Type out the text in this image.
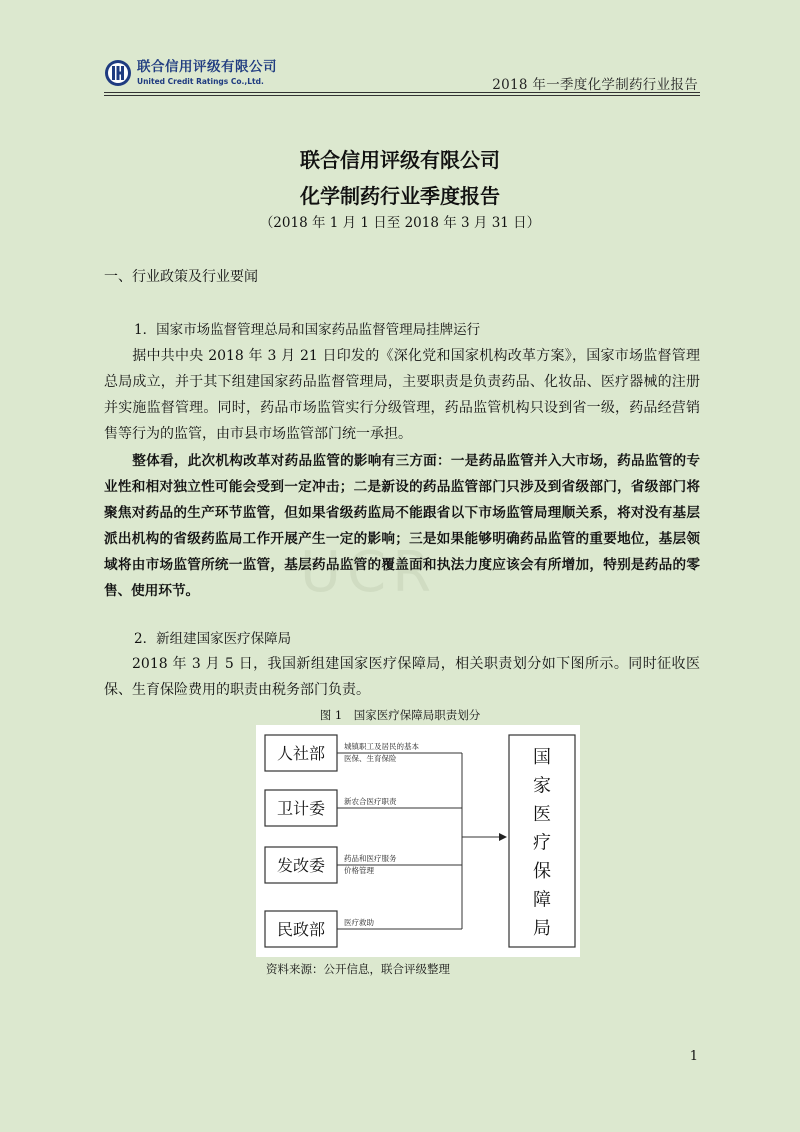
联合信用评级有限公司
United Credit Ratings Co.,Ltd.	2018 年一季度化学制药行业报告
联合信用评级有限公司
化学制药行业季度报告
（2018 年 1 月 1 日至 2018 年 3 月 31 日）
一、行业政策及行业要闻
1．国家市场监督管理总局和国家药品监督管理局挂牌运行

据中共中央 2018 年 3 月 21 日印发的《深化党和国家机构改革方案》，国家市场监督管理总局成立，并于其下组建国家药品监督管理局，主要职责是负责药品、化妆品、医疗器械的注册并实施监督管理。同时，药品市场监管实行分级管理，药品监管机构只设到省一级，药品经营销售等行为的监管，由市县市场监管部门统一承担。

整体看，此次机构改革对药品监管的影响有三方面：一是药品监管并入大市场，药品监管的专业性和相对独立性可能会受到一定冲击；二是新设的药品监管部门只涉及到省级部门，省级部门将聚焦对药品的生产环节监管，但如果省级药监局不能跟省以下市场监管局理顺关系，将对没有基层派出机构的省级药监局工作开展产生一定的影响；三是如果能够明确药品监管的重要地位，基层领域将由市场监管所统一监管，基层药品监管的覆盖面和执法力度应该会有所增加，特别是药品的零售、使用环节。	UCR
2．新组建国家医疗保障局

2018 年 3 月 5 日，我国新组建国家医疗保障局，相关职责划分如下图所示。同时征收医保、生育保险费用的职责由税务部门负责。

图 1　国家医疗保障局职责划分
人社部	城镇职工及居民的基本
医保、生育保险
卫计委	新农合医疗职责
发改委	药品和医疗服务
价格管理
民政部	医疗救助
国
家
医
疗
保
障
局
资料来源：公开信息，联合评级整理
1
